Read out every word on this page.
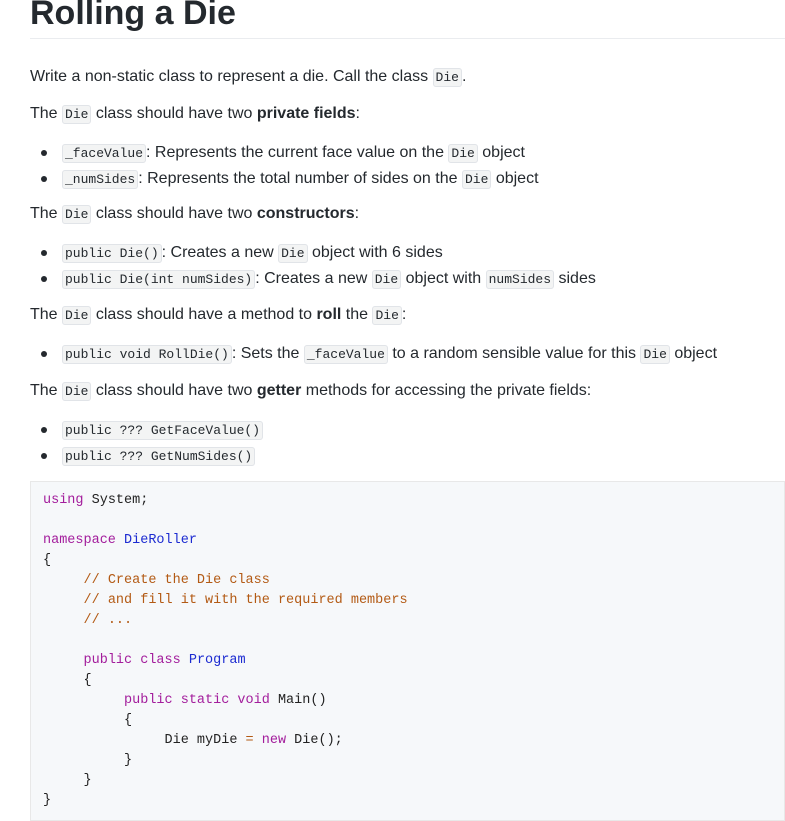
Rolling a Die

Write a non-static class to represent a die. Call the class Die .

The Die class should have two private fields:

_faceValue : Represents the current face value on the Die object
_numSides : Represents the total number of sides on the Die object

The Die class should have two constructors:

public Die() : Creates a new Die object with 6 sides
public Die(int numSides) : Creates a new Die object with numSides sides

The Die class should have a method to roll the Die :

public void RollDie() : Sets the _faceValue to a random sensible value for this Die object

The Die class should have two getter methods for accessing the private fields:

public ??? GetFaceValue()
public ??? GetNumSides()
using System;

namespace DieRoller
{
// Create the Die class
// and fill it with the required members
// ...

public class Program
{
public static void Main()
{
Die myDie = new Die();
}
}
}
